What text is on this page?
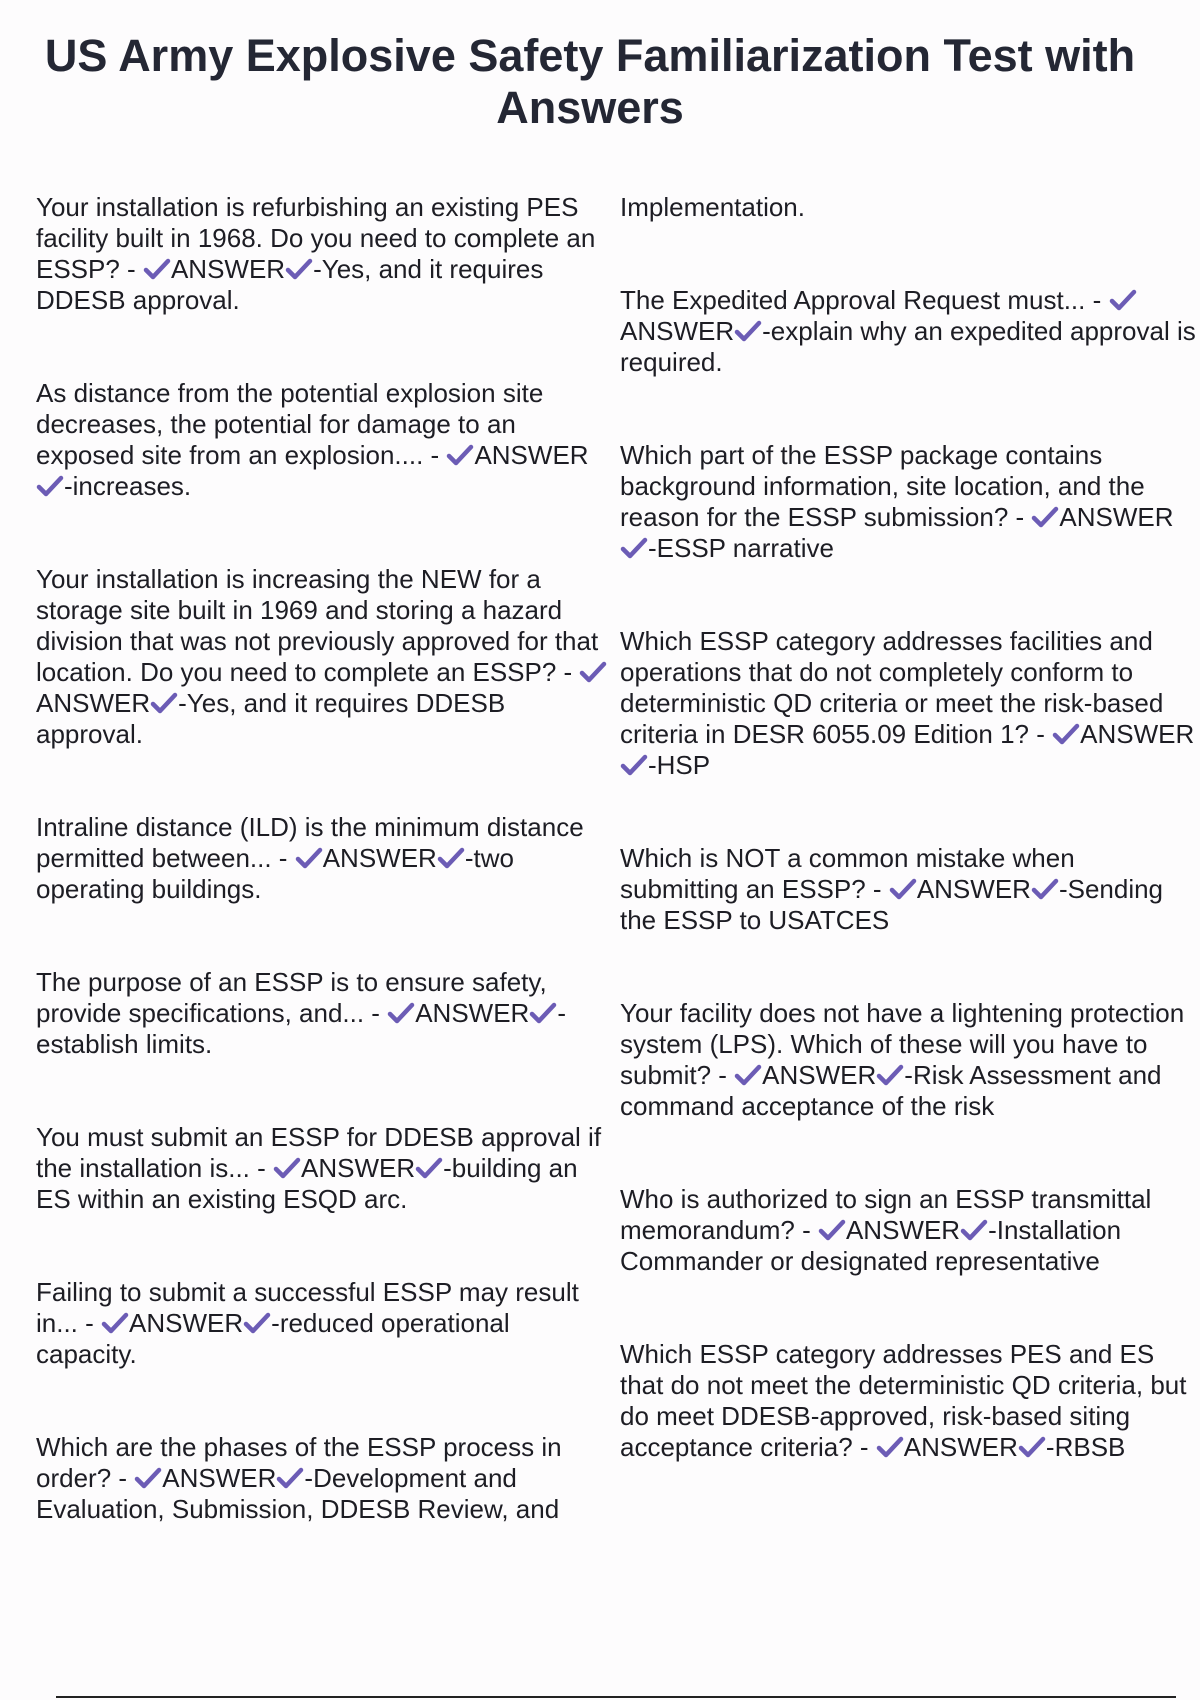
US Army Explosive Safety Familiarization Test with Answers

Your installation is refurbishing an existing PES facility built in 1968. Do you need to complete an ESSP? - ANSWER -Yes, and it requires DDESB approval.

As distance from the potential explosion site decreases, the potential for damage to an exposed site from an explosion.... - ANSWER
-increases.

Your installation is increasing the NEW for a storage site built in 1969 and storing a hazard division that was not previously approved for that location. Do you need to complete an ESSP? -
ANSWER -Yes, and it requires DDESB approval.

Intraline distance (ILD) is the minimum distance permitted between... - ANSWER -two operating buildings.

The purpose of an ESSP is to ensure safety, provide specifications, and... - ANSWER -establish limits.

You must submit an ESSP for DDESB approval if the installation is... - ANSWER -building an ES within an existing ESQD arc.

Failing to submit a successful ESSP may result in... - ANSWER -reduced operational capacity.

Which are the phases of the ESSP process in order? - ANSWER -Development and Evaluation, Submission, DDESB Review, and

Implementation.

The Expedited Approval Request must... -
ANSWER -explain why an expedited approval is required.

Which part of the ESSP package contains background information, site location, and the reason for the ESSP submission? - ANSWER
-ESSP narrative

Which ESSP category addresses facilities and operations that do not completely conform to deterministic QD criteria or meet the risk-based criteria in DESR 6055.09 Edition 1? - ANSWER
-HSP

Which is NOT a common mistake when submitting an ESSP? - ANSWER -Sending the ESSP to USATCES

Your facility does not have a lightening protection system (LPS). Which of these will you have to submit? - ANSWER -Risk Assessment and command acceptance of the risk

Who is authorized to sign an ESSP transmittal memorandum? - ANSWER -Installation Commander or designated representative

Which ESSP category addresses PES and ES that do not meet the deterministic QD criteria, but do meet DDESB-approved, risk-based siting acceptance criteria? - ANSWER -RBSB
